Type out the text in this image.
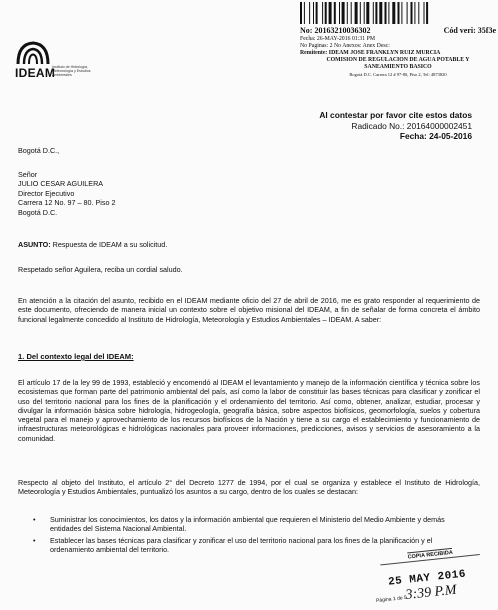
IDEAM
Instituto de Hidrología, Meteorología y Estudios Ambientales
No: 20163210036302	Cód veri: 35f3e
Fecha: 26-MAY-2016 01:31 PM
No Paginas: 2 No Anexos: Anex Desc:
Remitente: IDEAM JOSE FRANKLYN RUIZ MURCIA
COMISION DE REGULACION DE AGUA POTABLE Y
SANEAMIENTO BASICO
Bogotá D.C. Carrera 12 # 97-80, Piso 2, Tel: 4873820
Al contestar por favor cite estos datos
Radicado No.: 20164000002451
Fecha: 24-05-2016
Bogotá D.C.,
Señor
JULIO CESAR AGUILERA
Director Ejecutivo
Carrera 12 No. 97 – 80. Piso 2
Bogotá D.C.
ASUNTO: Respuesta de IDEAM a su solicitud.
Respetado señor Aguilera, reciba un cordial saludo.
En atención a la citación del asunto, recibido en el IDEAM mediante oficio del 27 de abril de 2016, me es grato responder al requerimiento de este documento, ofreciendo de manera inicial un contexto sobre el objetivo misional del IDEAM, a fin de señalar de forma concreta el ámbito funcional legalmente concedido al Instituto de Hidrología, Meteorología y Estudios Ambientales – IDEAM. A saber:
1. Del contexto legal del IDEAM:
El artículo 17 de la ley 99 de 1993, estableció y encomendó al IDEAM el levantamiento y manejo de la información científica y técnica sobre los ecosistemas que forman parte del patrimonio ambiental del país, así como la labor de constituir las bases técnicas para clasificar y zonificar el uso del territorio nacional para los fines de la planificación y el ordenamiento del territorio. Así como, obtener, analizar, estudiar, procesar y divulgar la información básica sobre hidrología, hidrogeología, geografía básica, sobre aspectos biofísicos, geomorfología, suelos y cobertura vegetal para el manejo y aprovechamiento de los recursos biofísicos de la Nación y tiene a su cargo el establecimiento y funcionamiento de infraestructuras meteorológicas e hidrológicas nacionales para proveer informaciones, predicciones, avisos y servicios de asesoramiento a la comunidad.
Respecto al objeto del Instituto, el artículo 2° del Decreto 1277 de 1994, por el cual se organiza y establece el Instituto de Hidrología, Meteorología y Estudios Ambientales, puntualizó los asuntos a su cargo, dentro de los cuales se destacan:
• Suministrar los conocimientos, los datos y la información ambiental que requieren el Ministerio del Medio Ambiente y demás entidades del Sistema Nacional Ambiental.
• Establecer las bases técnicas para clasificar y zonificar el uso del territorio nacional para los fines de la planificación y el ordenamiento ambiental del territorio.
COPIA RECIBIDA
25 MAY 2016
Página 1 de 5
3:39 P.M
